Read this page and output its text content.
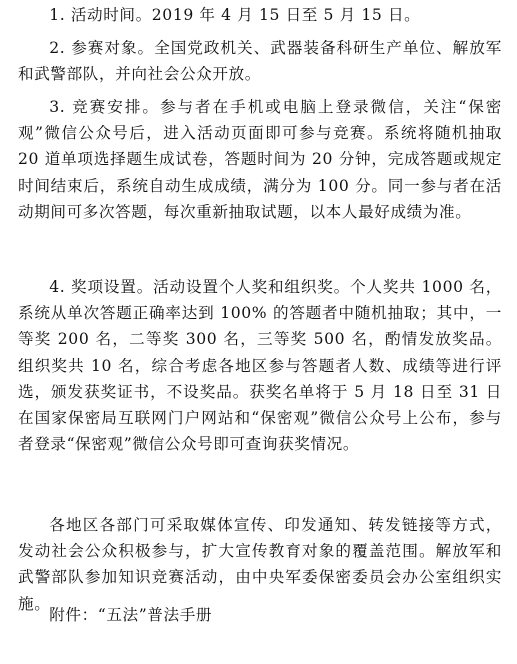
1. 活动时间。2019 年 4 月 15 日至 5 月 15 日。

2. 参赛对象。全国党政机关、武器装备科研生产单位、解放军和武警部队，并向社会公众开放。

3. 竞赛安排。参与者在手机或电脑上登录微信，关注“保密观”微信公众号后，进入活动页面即可参与竞赛。系统将随机抽取 20 道单项选择题生成试卷，答题时间为 20 分钟，完成答题或规定时间结束后，系统自动生成成绩，满分为 100 分。同一参与者在活动期间可多次答题，每次重新抽取试题，以本人最好成绩为准。

4. 奖项设置。活动设置个人奖和组织奖。个人奖共 1000 名，系统从单次答题正确率达到 100% 的答题者中随机抽取；其中，一等奖 200 名，二等奖 300 名，三等奖 500 名，酌情发放奖品。组织奖共 10 名，综合考虑各地区参与答题者人数、成绩等进行评选，颁发获奖证书，不设奖品。获奖名单将于 5 月 18 日至 31 日在国家保密局互联网门户网站和“保密观”微信公众号上公布，参与者登录“保密观”微信公众号即可查询获奖情况。

各地区各部门可采取媒体宣传、印发通知、转发链接等方式，发动社会公众积极参与，扩大宣传教育对象的覆盖范围。解放军和武警部队参加知识竞赛活动，由中央军委保密委员会办公室组织实施。

附件：“五法”普法手册
